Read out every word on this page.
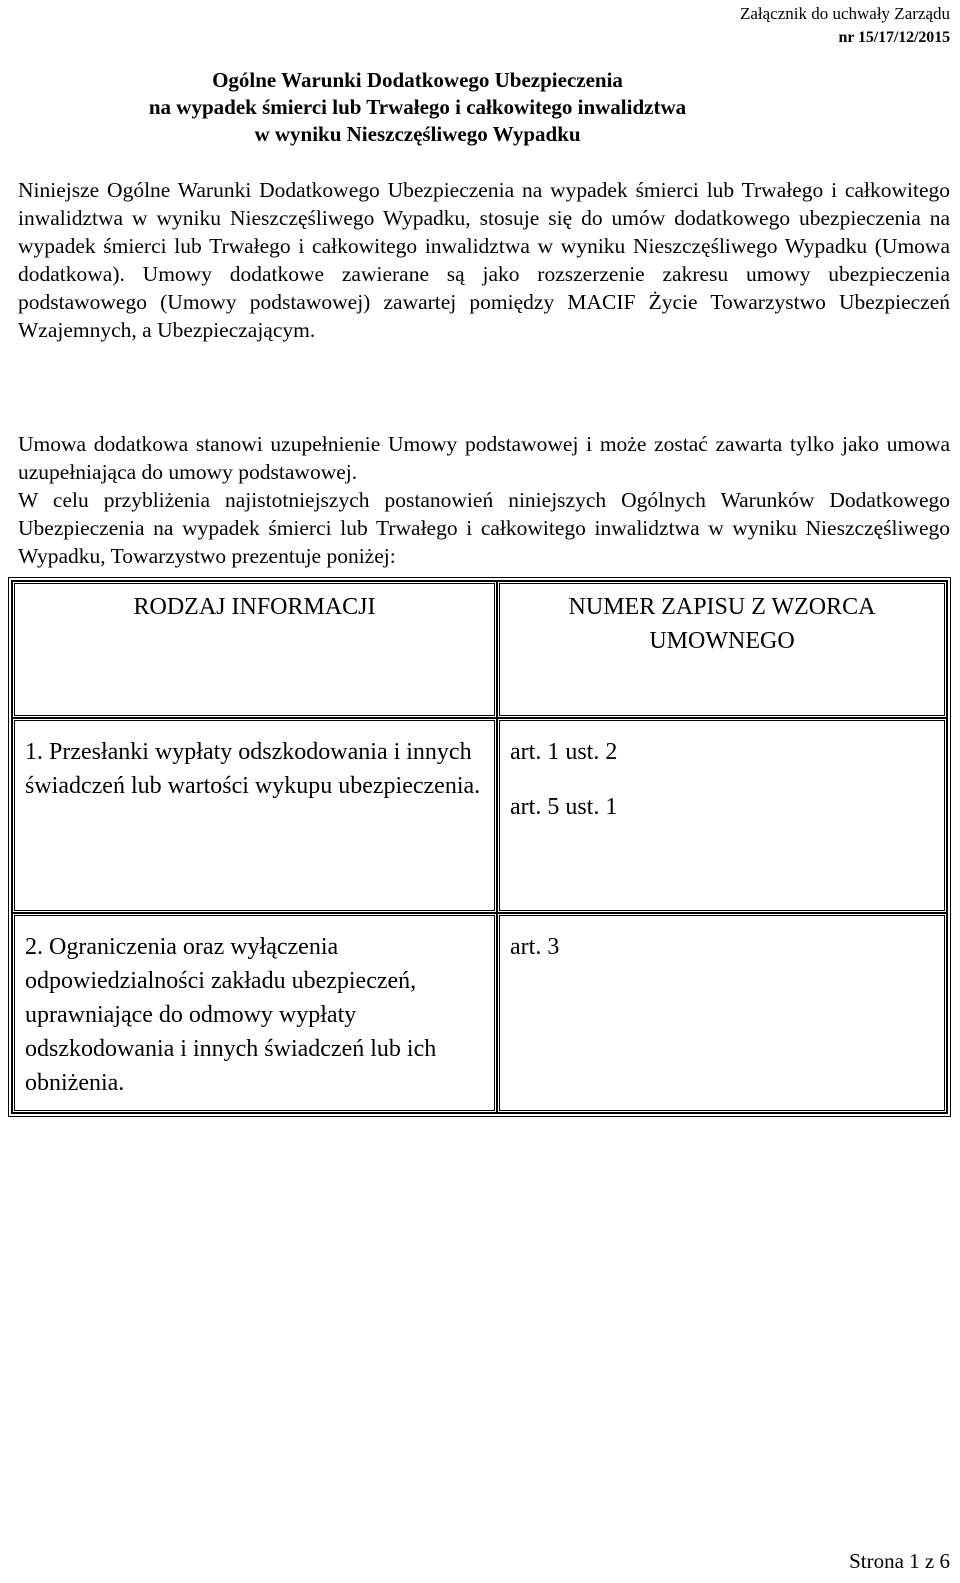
Załącznik do uchwały Zarządu
nr 15/17/12/2015
Ogólne Warunki Dodatkowego Ubezpieczenia
na wypadek śmierci lub Trwałego i całkowitego inwalidztwa
w wyniku Nieszczęśliwego Wypadku
Niniejsze Ogólne Warunki Dodatkowego Ubezpieczenia na wypadek śmierci lub Trwałego i całkowitego inwalidztwa w wyniku Nieszczęśliwego Wypadku, stosuje się do umów dodatkowego ubezpieczenia na wypadek śmierci lub Trwałego i całkowitego inwalidztwa w wyniku Nieszczęśliwego Wypadku (Umowa dodatkowa). Umowy dodatkowe zawierane są jako rozszerzenie zakresu umowy ubezpieczenia podstawowego (Umowy podstawowej) zawartej pomiędzy MACIF Życie Towarzystwo Ubezpieczeń Wzajemnych, a Ubezpieczającym.
Umowa dodatkowa stanowi uzupełnienie Umowy podstawowej i może zostać zawarta tylko jako umowa uzupełniająca do umowy podstawowej.
W celu przybliżenia najistotniejszych postanowień niniejszych Ogólnych Warunków Dodatkowego Ubezpieczenia na wypadek śmierci lub Trwałego i całkowitego inwalidztwa w wyniku Nieszczęśliwego Wypadku, Towarzystwo prezentuje poniżej:
RODZAJ INFORMACJI	NUMER ZAPISU Z WZORCA UMOWNEGO
1. Przesłanki wypłaty odszkodowania i innych świadczeń lub wartości wykupu ubezpieczenia.	art. 1 ust. 2
art. 5 ust. 1

2. Ograniczenia oraz wyłączenia odpowiedzialności zakładu ubezpieczeń, uprawniające do odmowy wypłaty odszkodowania i innych świadczeń lub ich obniżenia.	art. 3
Strona 1 z 6
